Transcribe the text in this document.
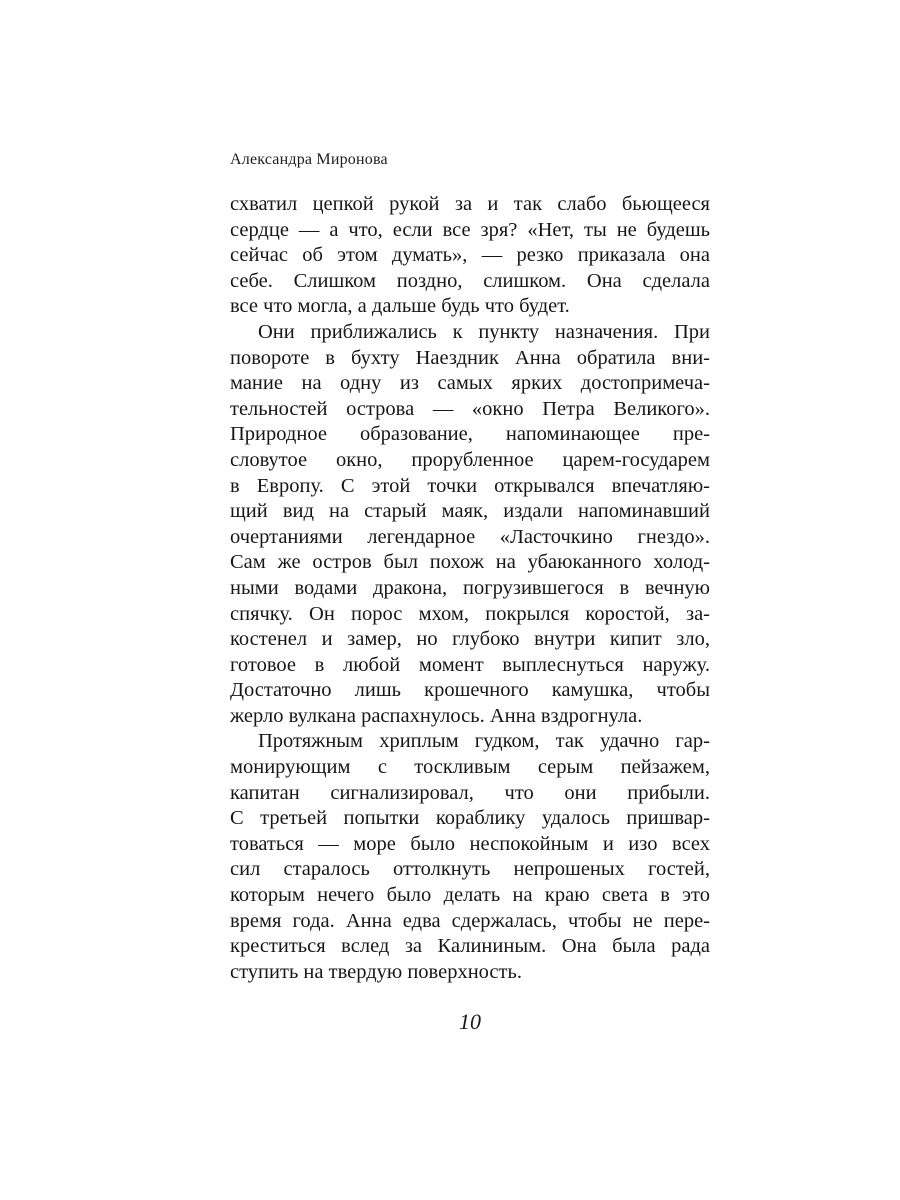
Александра Миронова
схватил цепкой рукой за и так слабо бьющееся
сердце — а что, если все зря? «Нет, ты не будешь
сейчас об этом думать», — резко приказала она
себе. Слишком поздно, слишком. Она сделала
все что могла, а дальше будь что будет.
Они приближались к пункту назначения. При
повороте в бухту Наездник Анна обратила вни-
мание на одну из самых ярких достопримеча-
тельностей острова — «окно Петра Великого».
Природное образование, напоминающее пре-
словутое окно, прорубленное царем-государем
в Европу. С этой точки открывался впечатляю-
щий вид на старый маяк, издали напоминавший
очертаниями легендарное «Ласточкино гнездо».
Сам же остров был похож на убаюканного холод-
ными водами дракона, погрузившегося в вечную
спячку. Он порос мхом, покрылся коростой, за-
костенел и замер, но глубоко внутри кипит зло,
готовое в любой момент выплеснуться наружу.
Достаточно лишь крошечного камушка, чтобы
жерло вулкана распахнулось. Анна вздрогнула.
Протяжным хриплым гудком, так удачно гар-
монирующим с тоскливым серым пейзажем,
капитан сигнализировал, что они прибыли.
С третьей попытки кораблику удалось пришвар-
товаться — море было неспокойным и изо всех
сил старалось оттолкнуть непрошеных гостей,
которым нечего было делать на краю света в это
время года. Анна едва сдержалась, чтобы не пере-
креститься вслед за Калининым. Она была рада
ступить на твердую поверхность.
10
